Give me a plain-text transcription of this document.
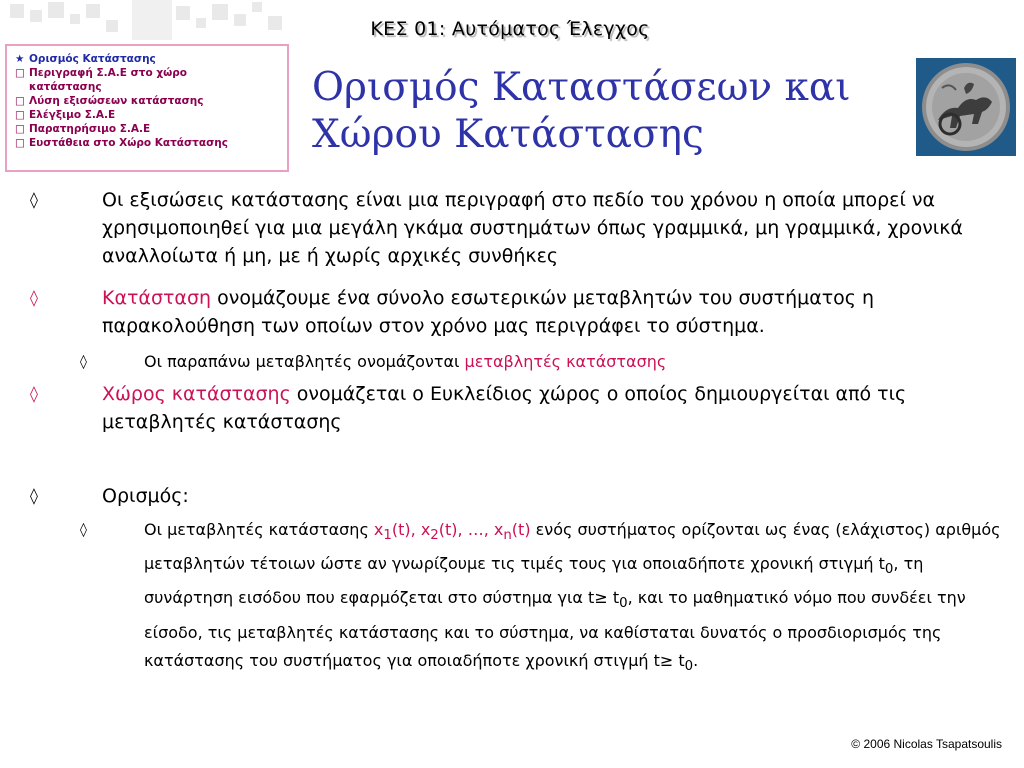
ΚΕΣ 01: Αυτόματος Έλεγχος
★ Ορισμός Κατάστασης
□ Περιγραφή Σ.Α.Ε στο χώρο
κατάστασης
□ Λύση εξισώσεων κατάστασης
□ Ελέγξιμο Σ.Α.Ε
□ Παρατηρήσιμο Σ.Α.Ε
□ Ευστάθεια στο Χώρο Κατάστασης
Ορισμός Καταστάσεων και
Χώρου Κατάστασης
◊	Οι εξισώσεις κατάστασης είναι μια περιγραφή στο πεδίο του χρόνου η οποία μπορεί να χρησιμοποιηθεί για μια μεγάλη γκάμα συστημάτων όπως γραμμικά, μη γραμμικά, χρονικά αναλλοίωτα ή μη, με ή χωρίς αρχικές συνθήκες
◊	Κατάσταση ονομάζουμε ένα σύνολο εσωτερικών μεταβλητών του συστήματος η παρακολούθηση των οποίων στον χρόνο μας περιγράφει το σύστημα.
◊	Οι παραπάνω μεταβλητές ονομάζονται μεταβλητές κατάστασης
◊	Χώρος κατάστασης ονομάζεται ο Ευκλείδιος χώρος ο οποίος δημιουργείται από τις μεταβλητές κατάστασης
◊	Ορισμός:
◊	Οι μεταβλητές κατάστασης $x_1(t)$, $x_2(t)$, …, $x_n(t)$ ενός συστήματος ορίζονται ως ένας (ελάχιστος) αριθμός μεταβλητών τέτοιων ώστε αν γνωρίζουμε τις τιμές τους για οποιαδήποτε χρονική στιγμή $t_0$, τη συνάρτηση εισόδου που εφαρμόζεται στο σύστημα για $t\ge t_0$, και το μαθηματικό νόμο που συνδέει την είσοδο, τις μεταβλητές κατάστασης και το σύστημα, να καθίσταται δυνατός ο προσδιορισμός της κατάστασης του συστήματος για οποιαδήποτε χρονική στιγμή $t\ge t_0$.
© 2006 Nicolas Tsapatsoulis
